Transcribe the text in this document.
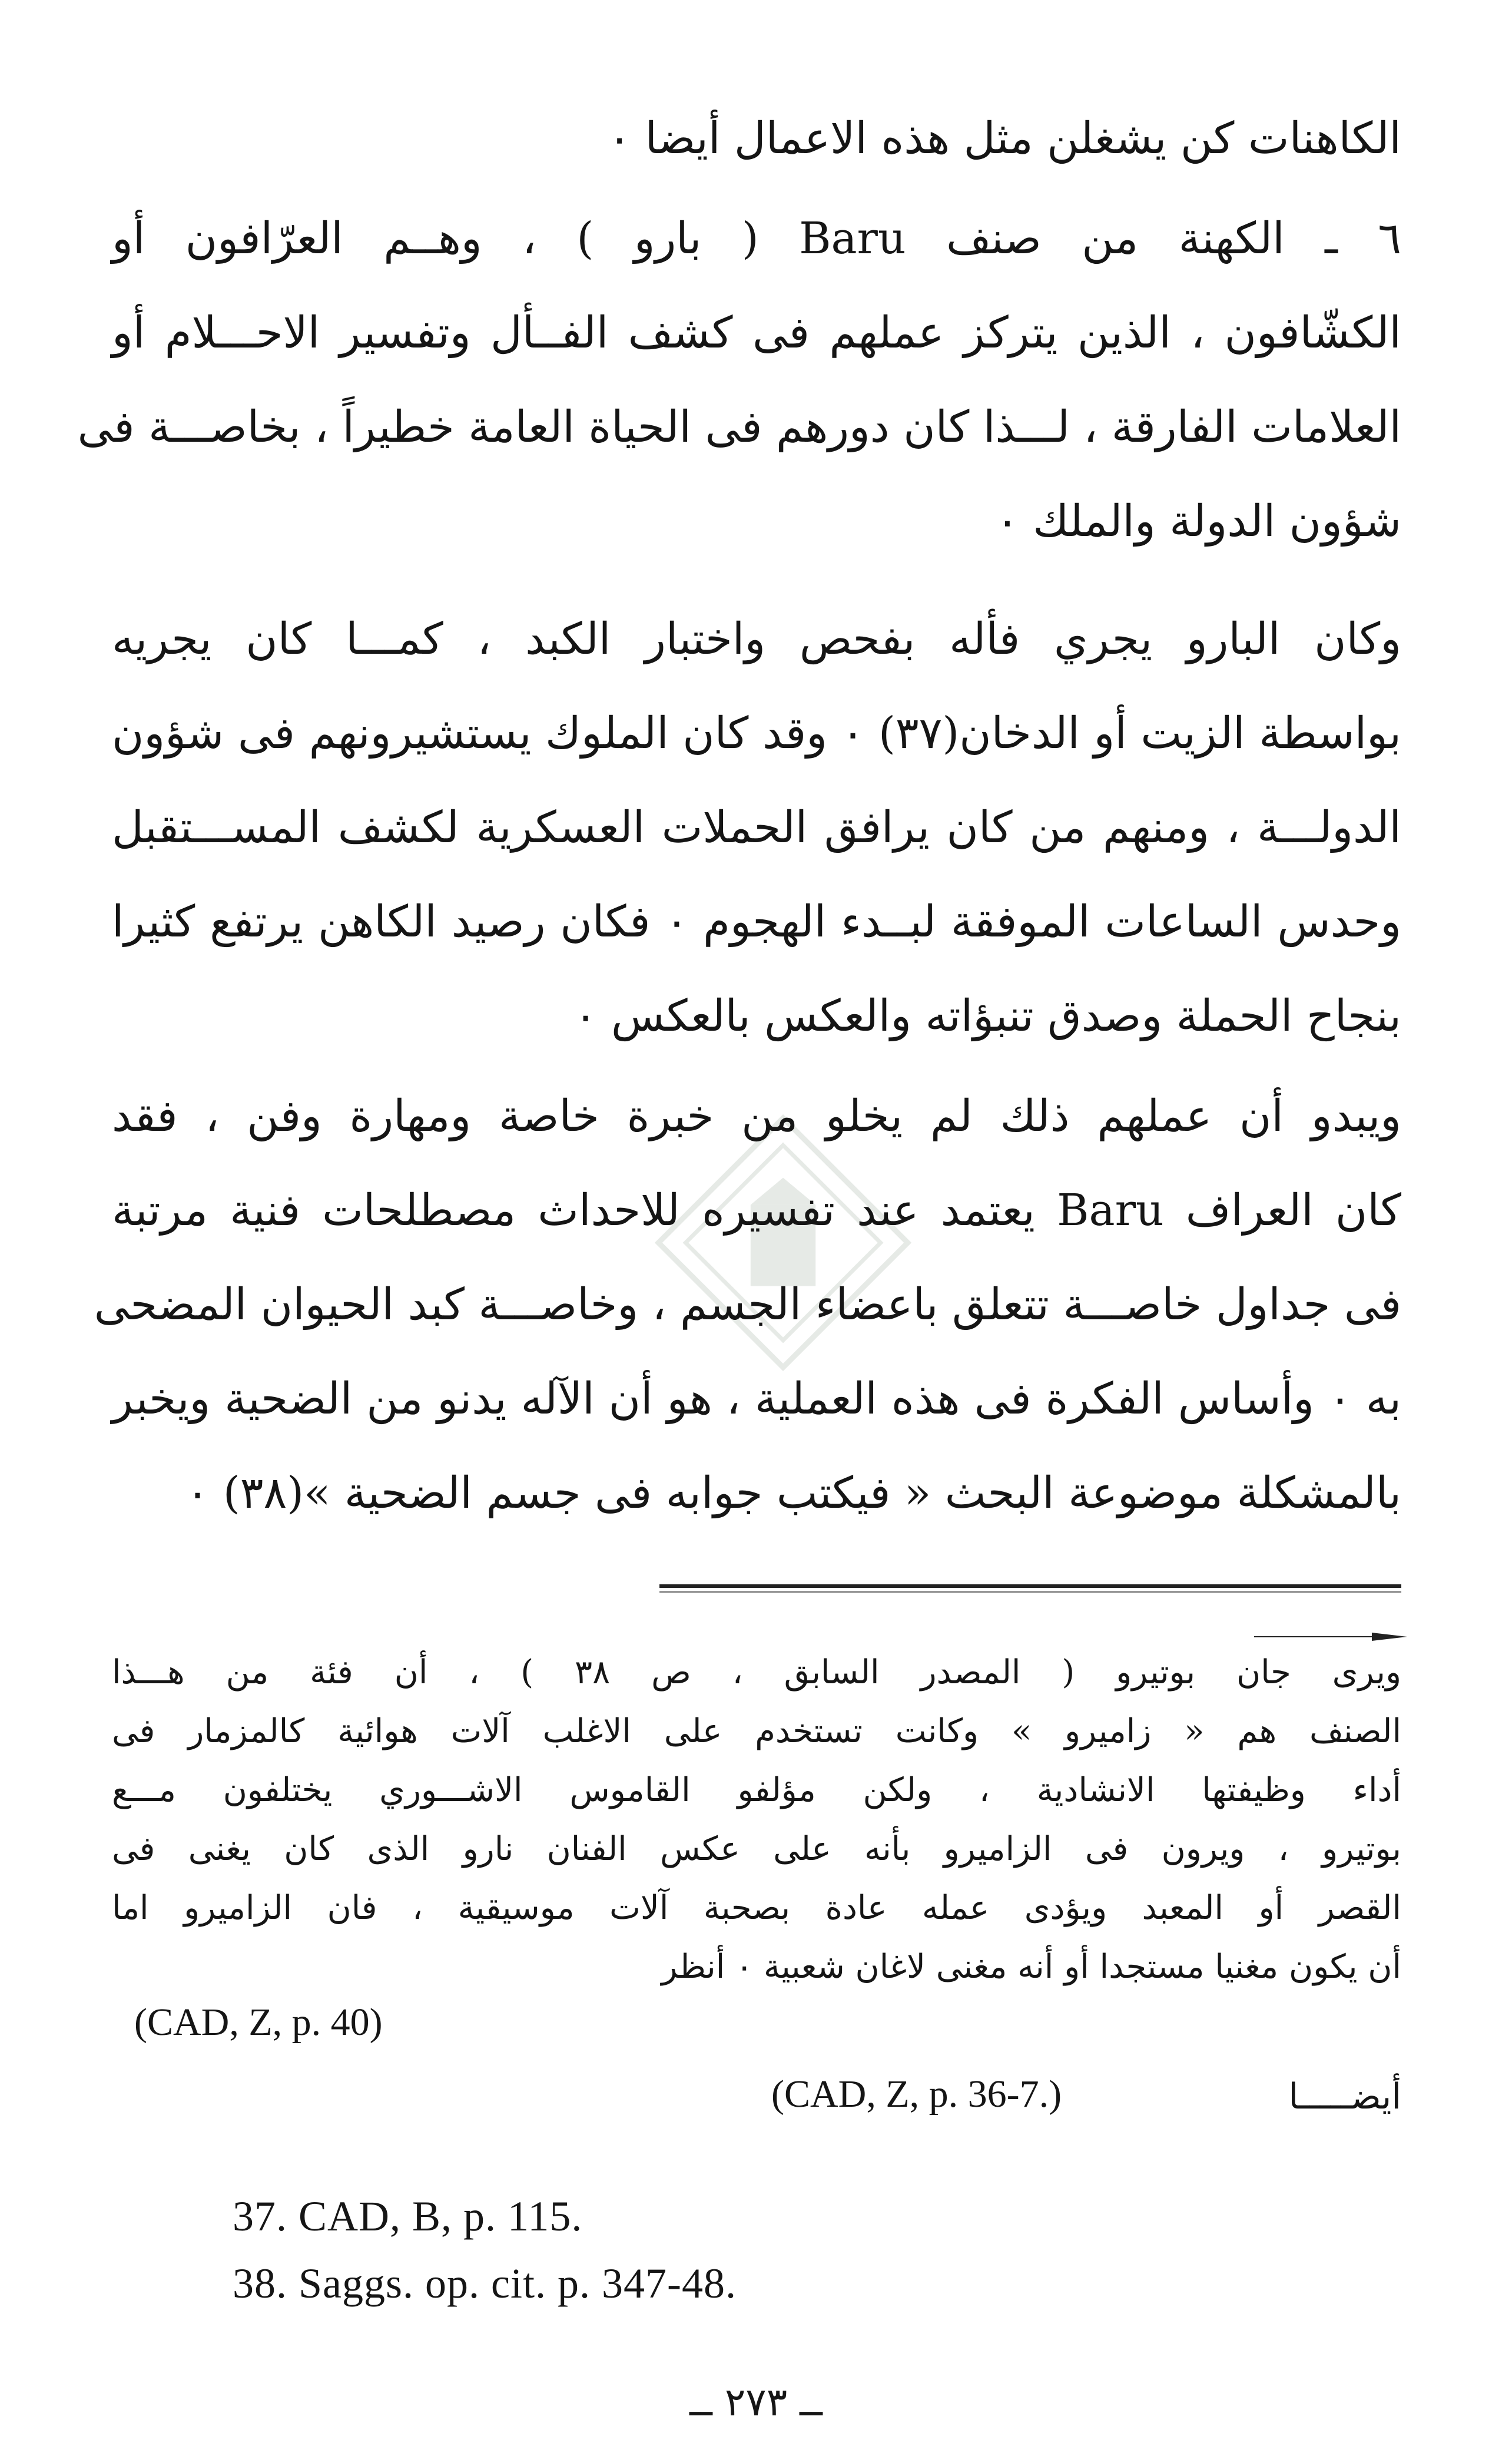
الكاهنات كن يشغلن مثل هذه الاعمال أيضا ٠
٦ ـ الكهنة من صنف Baru ( بارو ) ، وهــم العرّافون أو
الكشّافون ، الذين يتركز عملهم فى كشف الفــأل وتفسير الاحـــلام أو
العلامات الفارقة ، لـــذا كان دورهم فى الحياة العامة خطيراً ، بخاصـــة فى
شؤون الدولة والملك ٠
وكان البارو يجري فأله بفحص واختبار الكبد ، كمـــا كان يجريه
بواسطة الزيت أو الدخان(٣٧) ٠ وقد كان الملوك يستشيرونهم فى شؤون
الدولـــة ، ومنهم من كان يرافق الحملات العسكرية لكشف المســـتقبل
وحدس الساعات الموفقة لبــدء الهجوم ٠ فكان رصيد الكاهن يرتفع كثيرا
بنجاح الحملة وصدق تنبؤاته والعكس بالعكس ٠
ويبدو أن عملهم ذلك لم يخلو من خبرة خاصة ومهارة وفن ، فقد
كان العراف Baru يعتمد عند تفسيره للاحداث مصطلحات فنية مرتبة
فى جداول خاصـــة تتعلق باعضاء الجسم ، وخاصـــة كبد الحيوان المضحى
به ٠ وأساس الفكرة فى هذه العملية ، هو أن الآله يدنو من الضحية ويخبر
بالمشكلة موضوعة البحث « فيكتب جوابه فى جسم الضحية »(٣٨) ٠
ويرى جان بوتيرو ( المصدر السابق ، ص ٣٨ ) ، أن فئة من هـــذا
الصنف هم « زاميرو » وكانت تستخدم على الاغلب آلات هوائية كالمزمار فى
أداء وظيفتها الانشادية ، ولكن مؤلفو القاموس الاشـــوري يختلفون مـــع
بوتيرو ، ويرون فى الزاميرو بأنه على عكس الفنان نارو الذى كان يغنى فى
القصر أو المعبد ويؤدى عمله عادة بصحبة آلات موسيقية ، فان الزاميرو اما
أن يكون مغنيا مستجدا أو أنه مغنى لاغان شعبية ٠ أنظر
(CAD, Z, p. 40)
أيضـــــا
(CAD, Z, p. 36-7.)
37. CAD, B, p. 115.
38. Saggs. op. cit. p. 347-48.
ــ ٢٧٣ ــ
